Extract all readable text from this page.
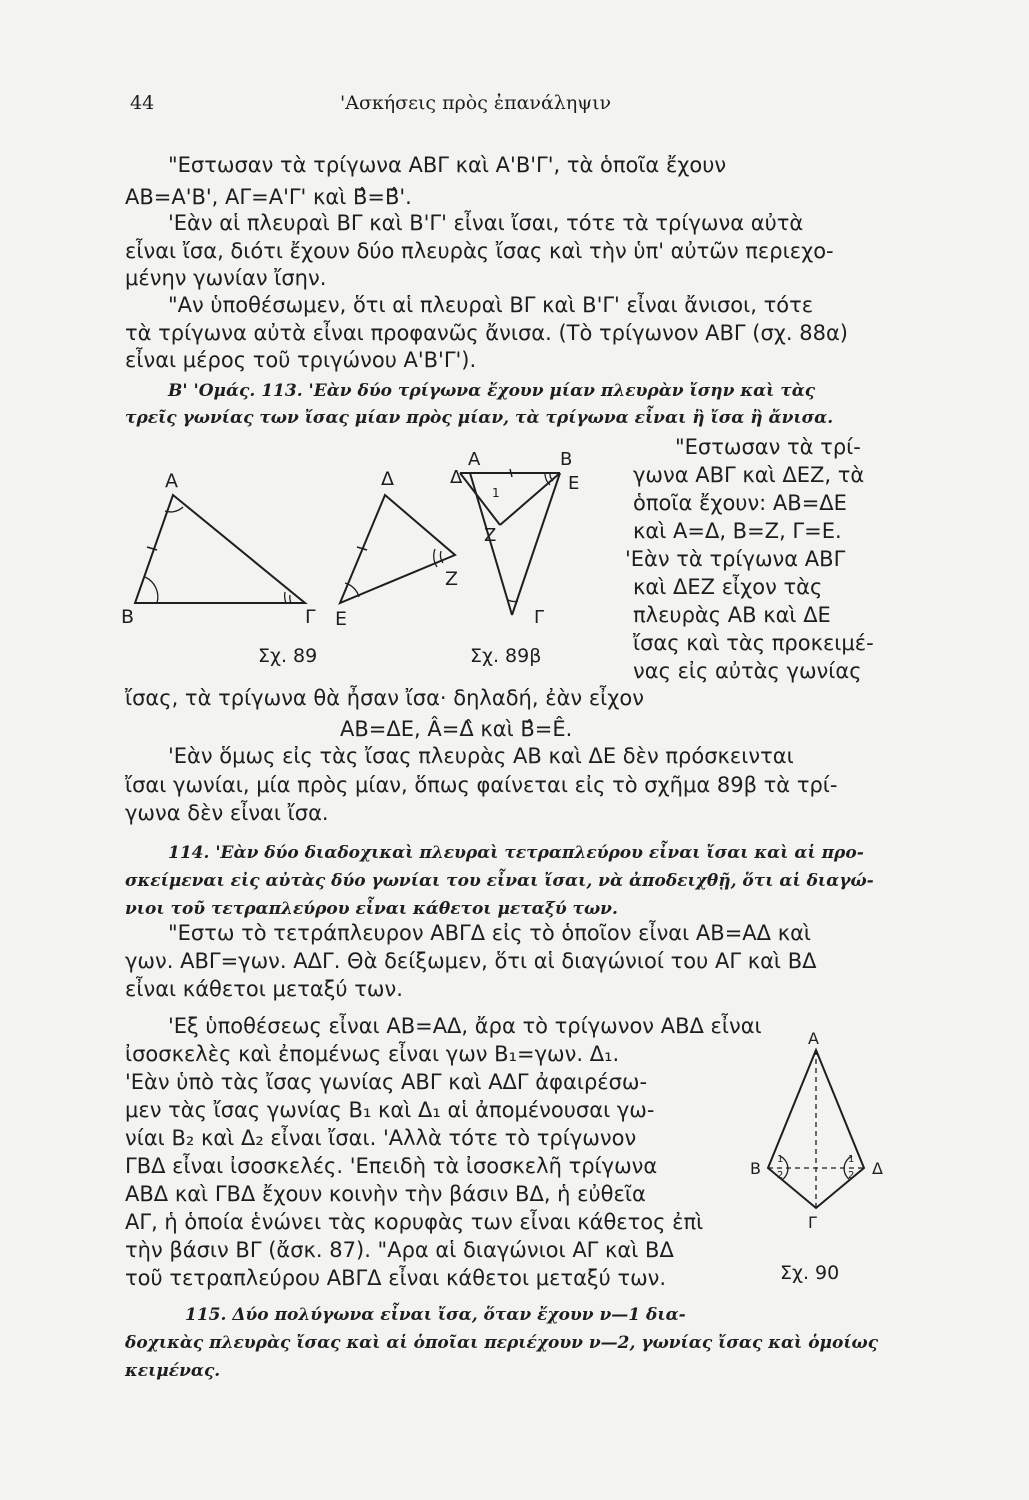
44	'Ασκήσεις πρὸς ἐπανάληψιν
"Εστωσαν τὰ τρίγωνα ΑΒΓ καὶ Α'Β'Γ', τὰ ὁποῖα ἔχουν
ΑΒ=Α'Β', ΑΓ=Α'Γ' καὶ Β̂=Β̂'.
'Εὰν αἱ πλευραὶ ΒΓ καὶ Β'Γ' εἶναι ἴσαι, τότε τὰ τρίγωνα αὐτὰ
εἶναι ἴσα, διότι ἔχουν δύο πλευρὰς ἴσας καὶ τὴν ὑπ' αὐτῶν περιεχο-
μένην γωνίαν ἴσην.
"Αν ὑποθέσωμεν, ὅτι αἱ πλευραὶ ΒΓ καὶ Β'Γ' εἶναι ἄνισοι, τότε
τὰ τρίγωνα αὐτὰ εἶναι προφανῶς ἄνισα. (Τὸ τρίγωνον ΑΒΓ (σχ. 88α)
εἶναι μέρος τοῦ τριγώνου Α'Β'Γ').
Β' 'Ομάς. 113. 'Εὰν δύο τρίγωνα ἔχουν μίαν πλευρὰν ἴσην καὶ τὰς
τρεῖς γωνίας των ἴσας μίαν πρὸς μίαν, τὰ τρίγωνα εἶναι ἢ ἴσα ἢ ἄνισα.
"Εστωσαν τὰ τρί-
γωνα ΑΒΓ καὶ ΔΕΖ, τὰ
ὁποῖα ἔχουν: ΑΒ=ΔΕ
καὶ Α=Δ, Β=Ζ, Γ=Ε.
'Εὰν τὰ τρίγωνα ΑΒΓ
καὶ ΔΕΖ εἶχον τὰς
πλευρὰς ΑΒ καὶ ΔΕ
ἴσας καὶ τὰς προκειμέ-
νας εἰς αὐτὰς γωνίας
Α
Β	Γ
Δ
Ε
Ζ
Σχ. 89
Α	Β
Δ	Ε
Ζ
Γ
1
Σχ. 89β
ἴσας, τὰ τρίγωνα θὰ ἦσαν ἴσα· δηλαδή, ἐὰν εἶχον
ΑΒ=ΔΕ, Â=Δ̂ καὶ Β̂=Ê.
'Εὰν ὅμως εἰς τὰς ἴσας πλευρὰς ΑΒ καὶ ΔΕ δὲν πρόσκεινται
ἴσαι γωνίαι, μία πρὸς μίαν, ὅπως φαίνεται εἰς τὸ σχῆμα 89β τὰ τρί-
γωνα δὲν εἶναι ἴσα.
114. 'Εὰν δύο διαδοχικαὶ πλευραὶ τετραπλεύρου εἶναι ἴσαι καὶ αἱ προ-
σκείμεναι εἰς αὐτὰς δύο γωνίαι του εἶναι ἴσαι, νὰ ἀποδειχθῇ, ὅτι αἱ διαγώ-
νιοι τοῦ τετραπλεύρου εἶναι κάθετοι μεταξύ των.
"Εστω τὸ τετράπλευρον ΑΒΓΔ εἰς τὸ ὁποῖον εἶναι ΑΒ=ΑΔ καὶ
γων. ΑΒΓ=γων. ΑΔΓ. Θὰ δείξωμεν, ὅτι αἱ διαγώνιοί του ΑΓ καὶ ΒΔ
εἶναι κάθετοι μεταξύ των.
'Εξ ὑποθέσεως εἶναι ΑΒ=ΑΔ, ἄρα τὸ τρίγωνον ΑΒΔ εἶναι
ἰσοσκελὲς καὶ ἐπομένως εἶναι γων Β₁=γων. Δ₁.
'Εὰν ὑπὸ τὰς ἴσας γωνίας ΑΒΓ καὶ ΑΔΓ ἀφαιρέσω-
μεν τὰς ἴσας γωνίας Β₁ καὶ Δ₁ αἱ ἀπομένουσαι γω-
νίαι Β₂ καὶ Δ₂ εἶναι ἴσαι. 'Αλλὰ τότε τὸ τρίγωνον
ΓΒΔ εἶναι ἰσοσκελές. 'Επειδὴ τὰ ἰσοσκελῆ τρίγωνα
ΑΒΔ καὶ ΓΒΔ ἔχουν κοινὴν τὴν βάσιν ΒΔ, ἡ εὐθεῖα
ΑΓ, ἡ ὁποία ἑνώνει τὰς κορυφὰς των εἶναι κάθετος ἐπὶ
τὴν βάσιν ΒΓ (ἄσκ. 87). "Αρα αἱ διαγώνιοι ΑΓ καὶ ΒΔ
τοῦ τετραπλεύρου ΑΒΓΔ εἶναι κάθετοι μεταξύ των.
Α
Β	Δ
Γ
1
2
1
2
Σχ. 90
115. Δύο πολύγωνα εἶναι ἴσα, ὅταν ἔχουν ν—1 δια-
δοχικὰς πλευρὰς ἴσας καὶ αἱ ὁποῖαι περιέχουν ν—2, γωνίας ἴσας καὶ ὁμοίως
κειμένας.
